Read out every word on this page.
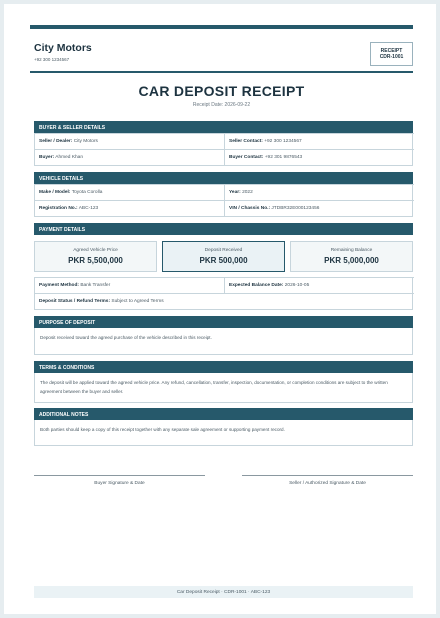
City Motors
+92 300 1234567
RECEIPT
CDR-1001
CAR DEPOSIT RECEIPT
Receipt Date: 2026-09-22
BUYER & SELLER DETAILS
Seller / Dealer: City Motors	Seller Contact: +92 300 1234567
Buyer: Ahmed Khan	Buyer Contact: +92 301 9876543
VEHICLE DETAILS
Make / Model: Toyota Corolla	Year: 2022
Registration No.: ABC-123	VIN / Chassis No.: JTDBR32E000123456
PAYMENT DETAILS
Agreed Vehicle Price
PKR 5,500,000
Deposit Received
PKR 500,000
Remaining Balance
PKR 5,000,000
Payment Method: Bank Transfer	Expected Balance Date: 2026-10-05
Deposit Status / Refund Terms: Subject to Agreed Terms
PURPOSE OF DEPOSIT
Deposit received toward the agreed purchase of the vehicle described in this receipt.
TERMS & CONDITIONS
The deposit will be applied toward the agreed vehicle price. Any refund, cancellation, transfer, inspection, documentation, or completion conditions are subject to the written agreement between the buyer and seller.
ADDITIONAL NOTES
Both parties should keep a copy of this receipt together with any separate sale agreement or supporting payment record.
Buyer Signature & Date	Seller / Authorized Signature & Date
Car Deposit Receipt · CDR-1001 · ABC-123
